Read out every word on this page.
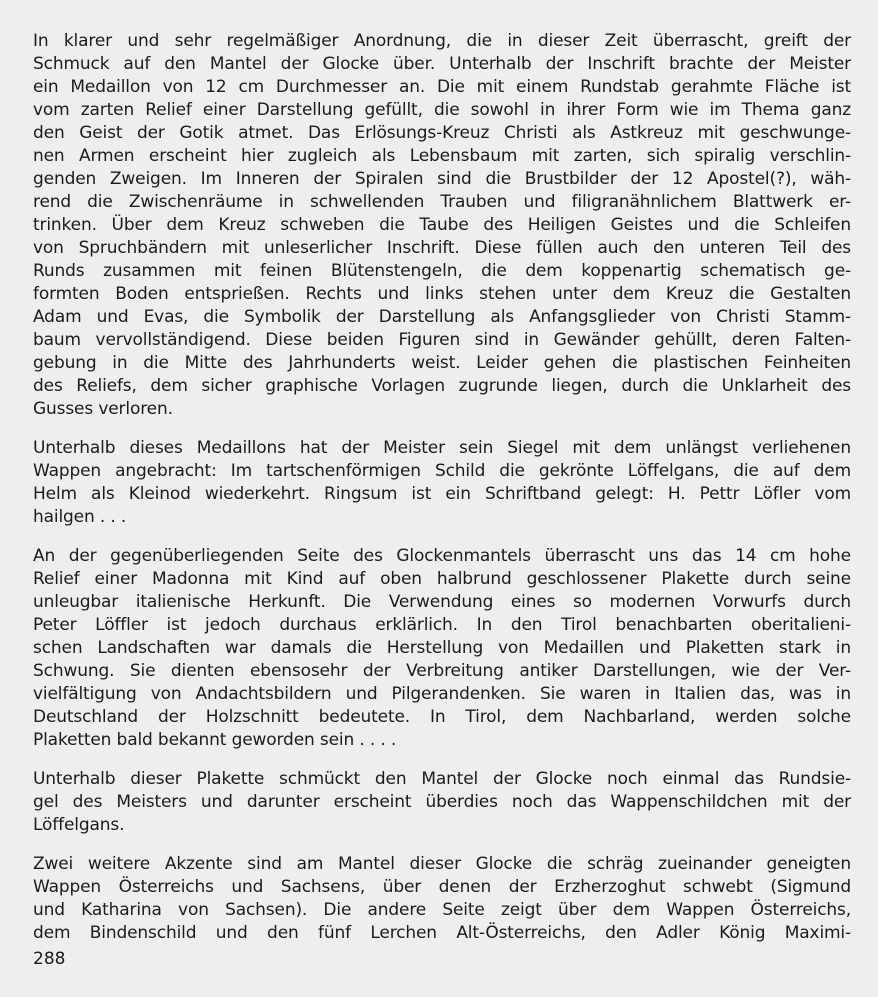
In klarer und sehr regelmäßiger Anordnung, die in dieser Zeit überrascht, greift der
Schmuck auf den Mantel der Glocke über. Unterhalb der Inschrift brachte der Meister
ein Medaillon von 12 cm Durchmesser an. Die mit einem Rundstab gerahmte Fläche ist
vom zarten Relief einer Darstellung gefüllt, die sowohl in ihrer Form wie im Thema ganz
den Geist der Gotik atmet. Das Erlösungs-Kreuz Christi als Astkreuz mit geschwunge-
nen Armen erscheint hier zugleich als Lebensbaum mit zarten, sich spiralig verschlin-
genden Zweigen. Im Inneren der Spiralen sind die Brustbilder der 12 Apostel(?), wäh-
rend die Zwischenräume in schwellenden Trauben und filigranähnlichem Blattwerk er-
trinken. Über dem Kreuz schweben die Taube des Heiligen Geistes und die Schleifen
von Spruchbändern mit unleserlicher Inschrift. Diese füllen auch den unteren Teil des
Runds zusammen mit feinen Blütenstengeln, die dem koppenartig schematisch ge-
formten Boden entsprießen. Rechts und links stehen unter dem Kreuz die Gestalten
Adam und Evas, die Symbolik der Darstellung als Anfangsglieder von Christi Stamm-
baum vervollständigend. Diese beiden Figuren sind in Gewänder gehüllt, deren Falten-
gebung in die Mitte des Jahrhunderts weist. Leider gehen die plastischen Feinheiten
des Reliefs, dem sicher graphische Vorlagen zugrunde liegen, durch die Unklarheit des
Gusses verloren.
Unterhalb dieses Medaillons hat der Meister sein Siegel mit dem unlängst verliehenen
Wappen angebracht: Im tartschenförmigen Schild die gekrönte Löffelgans, die auf dem
Helm als Kleinod wiederkehrt. Ringsum ist ein Schriftband gelegt: H. Pettr Löfler vom
hailgen . . .
An der gegenüberliegenden Seite des Glockenmantels überrascht uns das 14 cm hohe
Relief einer Madonna mit Kind auf oben halbrund geschlossener Plakette durch seine
unleugbar italienische Herkunft. Die Verwendung eines so modernen Vorwurfs durch
Peter Löffler ist jedoch durchaus erklärlich. In den Tirol benachbarten oberitalieni-
schen Landschaften war damals die Herstellung von Medaillen und Plaketten stark in
Schwung. Sie dienten ebensosehr der Verbreitung antiker Darstellungen, wie der Ver-
vielfältigung von Andachtsbildern und Pilgerandenken. Sie waren in Italien das, was in
Deutschland der Holzschnitt bedeutete. In Tirol, dem Nachbarland, werden solche
Plaketten bald bekannt geworden sein . . . .
Unterhalb dieser Plakette schmückt den Mantel der Glocke noch einmal das Rundsie-
gel des Meisters und darunter erscheint überdies noch das Wappenschildchen mit der
Löffelgans.
Zwei weitere Akzente sind am Mantel dieser Glocke die schräg zueinander geneigten
Wappen Österreichs und Sachsens, über denen der Erzherzoghut schwebt (Sigmund
und Katharina von Sachsen). Die andere Seite zeigt über dem Wappen Österreichs,
dem Bindenschild und den fünf Lerchen Alt-Österreichs, den Adler König Maximi-
288
